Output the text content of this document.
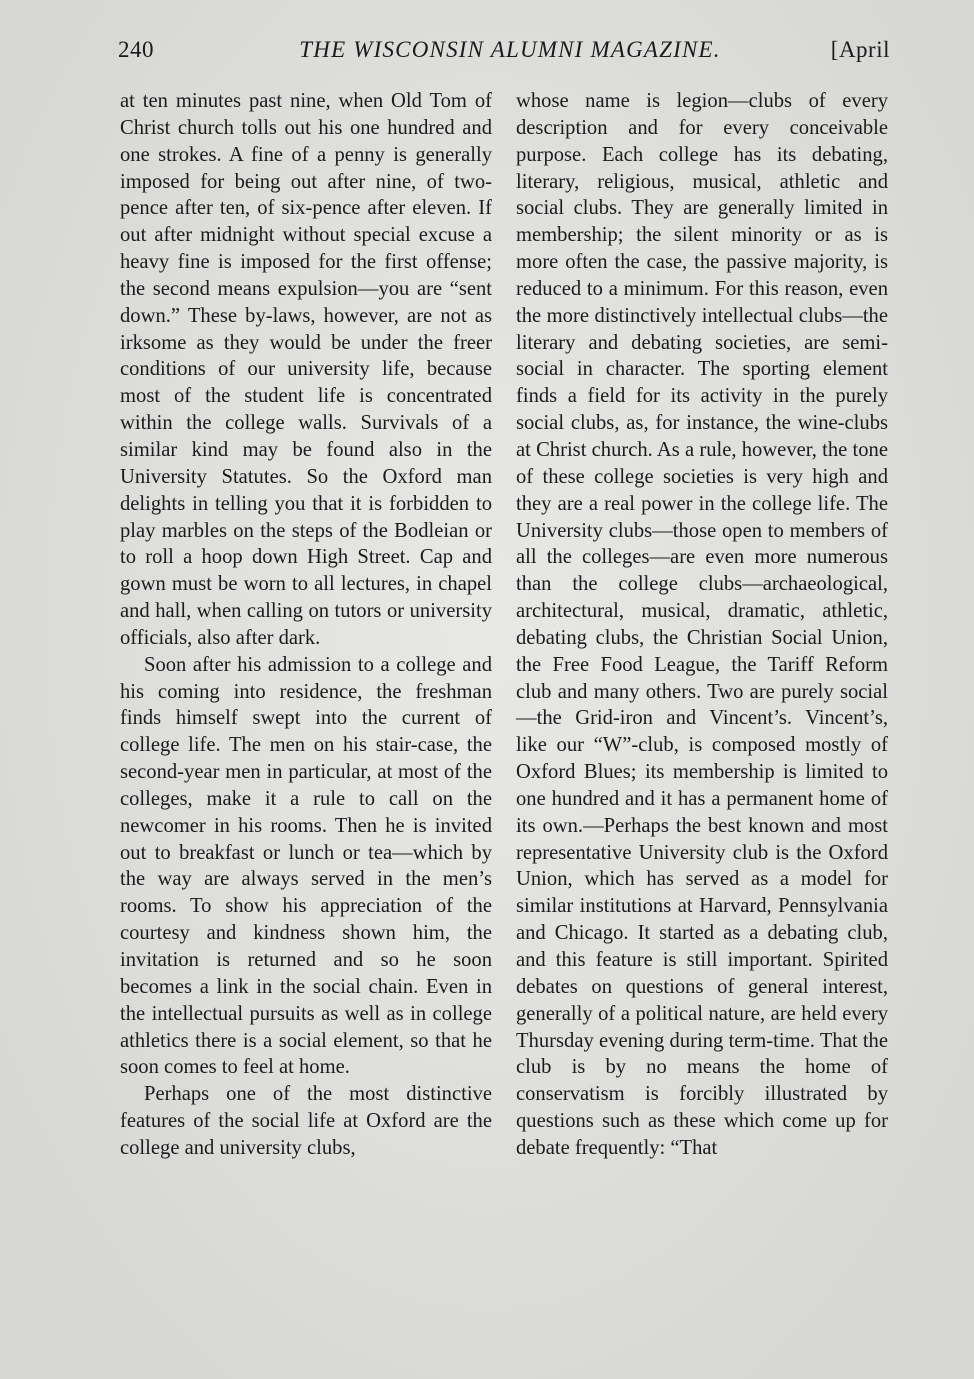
240	THE WISCONSIN ALUMNI MAGAZINE.	[April

at ten minutes past nine, when Old Tom of Christ church tolls out his one hundred and one strokes. A fine of a penny is generally imposed for being out after nine, of two-pence after ten, of six-pence after eleven. If out after midnight without special excuse a heavy fine is imposed for the first offense; the second means expulsion—you are “sent down.” These by-laws, however, are not as irksome as they would be under the freer conditions of our university life, because most of the student life is concentrated within the college walls. Survivals of a similar kind may be found also in the University Statutes. So the Oxford man delights in telling you that it is forbidden to play marbles on the steps of the Bodleian or to roll a hoop down High Street. Cap and gown must be worn to all lectures, in chapel and hall, when calling on tutors or university officials, also after dark.

Soon after his admission to a college and his coming into residence, the freshman finds himself swept into the current of college life. The men on his stair-case, the second-year men in particular, at most of the colleges, make it a rule to call on the newcomer in his rooms. Then he is invited out to breakfast or lunch or tea—which by the way are always served in the men’s rooms. To show his appreciation of the courtesy and kindness shown him, the invitation is returned and so he soon becomes a link in the social chain. Even in the intellectual pursuits as well as in college athletics there is a social element, so that he soon comes to feel at home.

Perhaps one of the most distinctive features of the social life at Oxford are the college and university clubs,

whose name is legion—clubs of every description and for every conceivable purpose. Each college has its debating, literary, religious, musical, athletic and social clubs. They are generally limited in membership; the silent minority or as is more often the case, the passive majority, is reduced to a minimum. For this reason, even the more distinctively intellectual clubs—the literary and debating societies, are semi-social in character. The sporting element finds a field for its activity in the purely social clubs, as, for instance, the wine-clubs at Christ church. As a rule, however, the tone of these college societies is very high and they are a real power in the college life. The University clubs—those open to members of all the colleges—are even more numerous than the college clubs—archaeological, architectural, musical, dramatic, athletic, debating clubs, the Christian Social Union, the Free Food League, the Tariff Reform club and many others. Two are purely social—the Grid-iron and Vincent’s. Vincent’s, like our “W”-club, is composed mostly of Oxford Blues; its membership is limited to one hundred and it has a permanent home of its own.—Perhaps the best known and most representative University club is the Oxford Union, which has served as a model for similar institutions at Harvard, Pennsylvania and Chicago. It started as a debating club, and this feature is still important. Spirited debates on questions of general interest, generally of a political nature, are held every Thursday evening during term-time. That the club is by no means the home of conservatism is forcibly illustrated by questions such as these which come up for debate frequently: “That
